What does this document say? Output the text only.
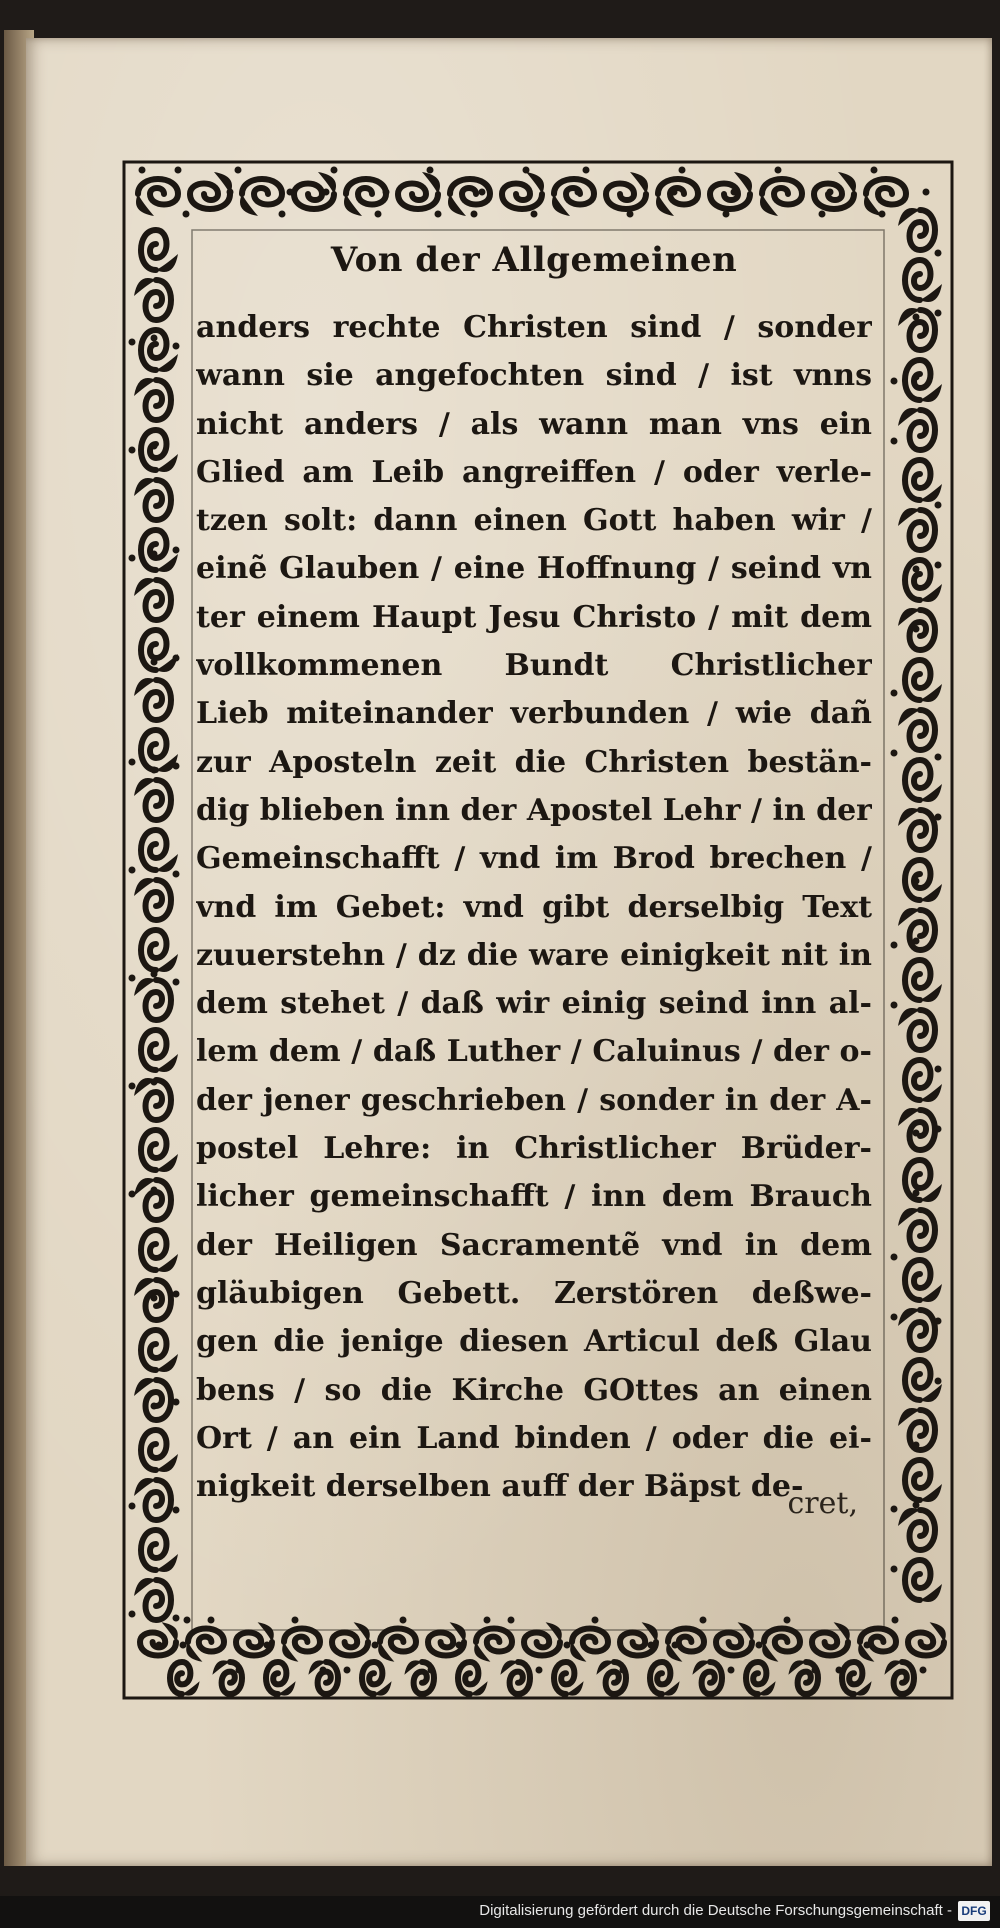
Von der Allgemeinen
anders rechte Christen sind / sonder
wann sie angefochten sind / ist vnns
nicht anders / als wann man vns ein
Glied am Leib angreiffen / oder verle-
tzen solt: dann einen Gott haben wir /
einẽ Glauben / eine Hoffnung / seind vn
ter einem Haupt Jesu Christo / mit dem
vollkommenen Bundt Christlicher
Lieb miteinander verbunden / wie dañ
zur Aposteln zeit die Christen bestän-
dig blieben inn der Apostel Lehr / in der
Gemeinschafft / vnd im Brod brechen /
vnd im Gebet: vnd gibt derselbig Text
zuuerstehn / dz die ware einigkeit nit in
dem stehet / daß wir einig seind inn al-
lem dem / daß Luther / Caluinus / der o-
der jener geschrieben / sonder in der A-
postel Lehre: in Christlicher Brüder-
licher gemeinschafft / inn dem Brauch
der Heiligen Sacramentẽ vnd in dem
gläubigen Gebett. Zerstören deßwe-
gen die jenige diesen Articul deß Glau
bens / so die Kirche GOttes an einen
Ort / an ein Land binden / oder die ei-
nigkeit derselben auff der Bäpst de-
cret,
Digitalisierung gefördert durch die Deutsche Forschungsgemeinschaft - DFG
